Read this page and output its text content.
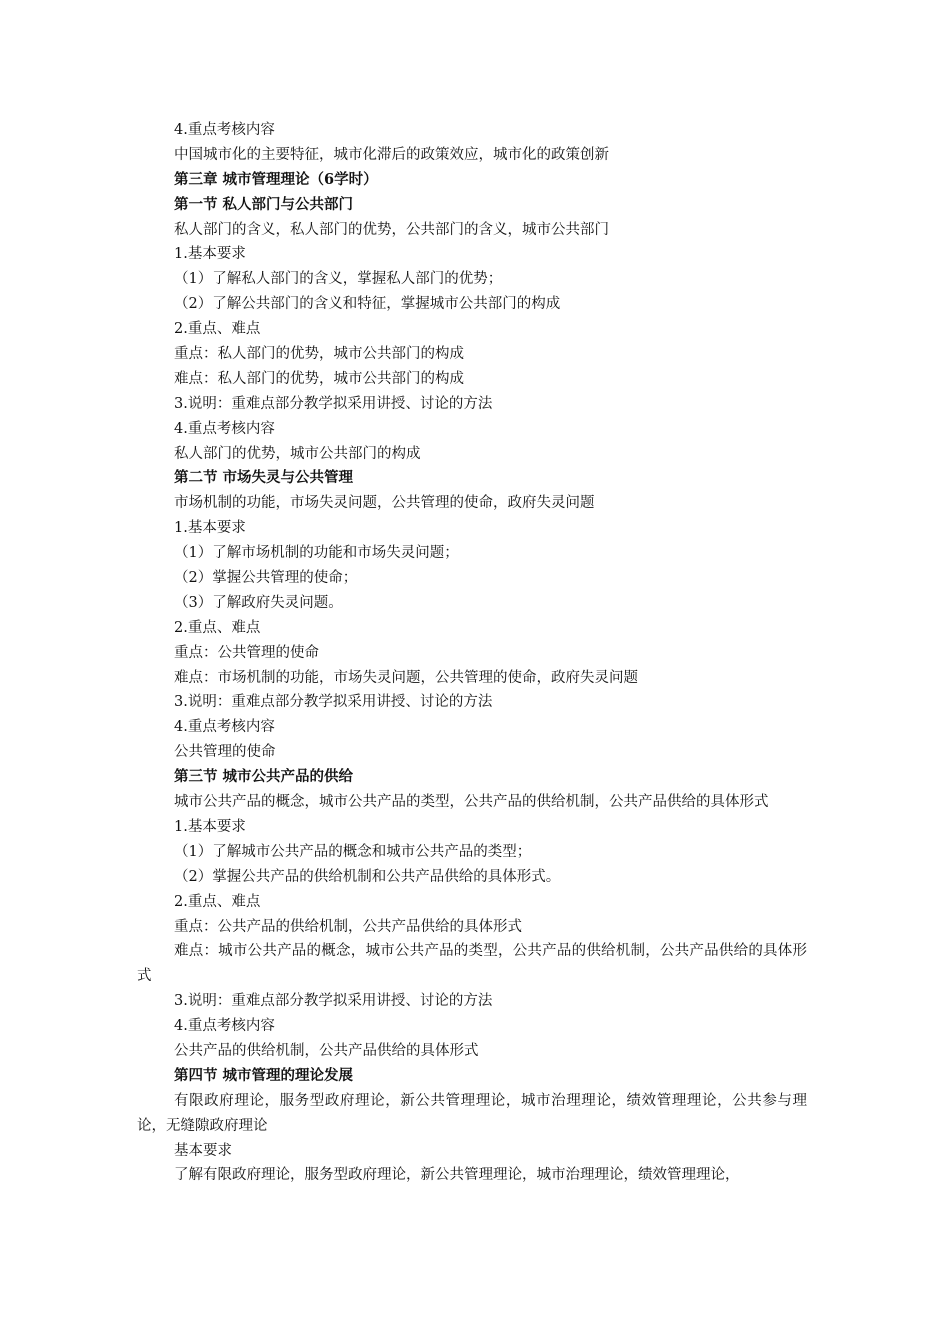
4.重点考核内容

中国城市化的主要特征，城市化滞后的政策效应，城市化的政策创新

第三章 城市管理理论（6学时）

第一节 私人部门与公共部门

私人部门的含义，私人部门的优势，公共部门的含义，城市公共部门

1.基本要求

（1）了解私人部门的含义，掌握私人部门的优势；

（2）了解公共部门的含义和特征，掌握城市公共部门的构成

2.重点、难点

重点：私人部门的优势，城市公共部门的构成

难点：私人部门的优势，城市公共部门的构成

3.说明：重难点部分教学拟采用讲授、讨论的方法

4.重点考核内容

私人部门的优势，城市公共部门的构成

第二节 市场失灵与公共管理

市场机制的功能，市场失灵问题，公共管理的使命，政府失灵问题

1.基本要求

（1）了解市场机制的功能和市场失灵问题；

（2）掌握公共管理的使命；

（3）了解政府失灵问题。

2.重点、难点

重点：公共管理的使命

难点：市场机制的功能，市场失灵问题，公共管理的使命，政府失灵问题

3.说明：重难点部分教学拟采用讲授、讨论的方法

4.重点考核内容

公共管理的使命

第三节 城市公共产品的供给

城市公共产品的概念，城市公共产品的类型，公共产品的供给机制，公共产品供给的具体形式

1.基本要求

（1）了解城市公共产品的概念和城市公共产品的类型；

（2）掌握公共产品的供给机制和公共产品供给的具体形式。

2.重点、难点

重点：公共产品的供给机制，公共产品供给的具体形式

难点：城市公共产品的概念，城市公共产品的类型，公共产品的供给机制，公共产品供给的具体形式

3.说明：重难点部分教学拟采用讲授、讨论的方法

4.重点考核内容

公共产品的供给机制，公共产品供给的具体形式

第四节 城市管理的理论发展

有限政府理论，服务型政府理论，新公共管理理论，城市治理理论，绩效管理理论，公共参与理论，无缝隙政府理论

基本要求

了解有限政府理论，服务型政府理论，新公共管理理论，城市治理理论，绩效管理理论，
